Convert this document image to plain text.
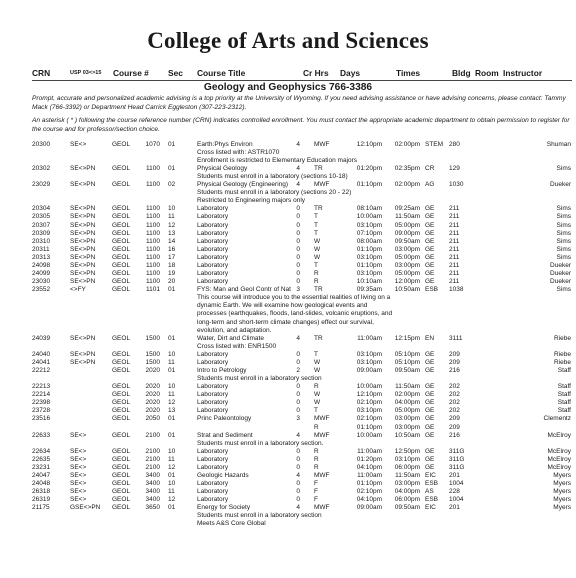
College of Arts and Sciences
CRN	USP 03<>15 Course # Sec Course Title	Cr Hrs Days	Times	Bldg Room Instructor
Geology and Geophysics 766-3386
Prompt, accurate and personalized academic advising is a top priority at the University of Wyoming. If you need advising assistance or have advising concerns, please contact: Tammy Mack (766-3392) or Department Head Carrick Eggleston (307-223-2312).
An asterisk ( * ) following the course reference number (CRN) indicates controlled enrollment. You must contact the appropriate academic department to obtain permission to register for the course and for professor/section choice.
20300	SE<>	GEOL	1070 01	Earth:Phys Environ	4 MWF	12:10pm	02:00pm STEM 280	Shuman
Cross listed with: ASTR1070
Enrollment is restricted to Elementary Education majors
20302	SE<>PN	GEOL	1100 01	Physical Geology	4 TR	01:20pm	02:35pm CR 129	Sims
Students must enroll in a laboratory (sections 10-18)
23029	SE<>PN	GEOL	1100 02	Physical Geology (Engineering)	4 MWF	01:10pm	02:00pm AG 1030	Dueker
Students must enroll in a laboratory (sections 20 - 22)
Restricted to Engineering majors only
20304	SE<>PN	GEOL	1100 10	Laboratory	0 TR	08:10am	09:25am GE 211	Sims
20305	SE<>PN	GEOL	1100 11	Laboratory	0 T	10:00am	11:50am GE 211	Sims
20307	SE<>PN	GEOL	1100 12	Laboratory	0 T	03:10pm	05:00pm GE 211	Sims
20309	SE<>PN	GEOL	1100 13	Laboratory	0 T	07:10pm	09:00pm GE 211	Sims
20310	SE<>PN	GEOL	1100 14	Laboratory	0 W	08:00am	09:50am GE 211	Sims
20311	SE<>PN	GEOL	1100 16	Laboratory	0 W	01:10pm	03:00pm GE 211	Sims
20313	SE<>PN	GEOL	1100 17	Laboratory	0 W	03:10pm	05:00pm GE 211	Sims
24098	SE<>PN	GEOL	1100 18	Laboratory	0 T	01:10pm	03:00pm GE 211	Dueker
24099	SE<>PN	GEOL	1100 19	Laboratory	0 R	03:10pm	05:00pm GE 211	Dueker
23030	SE<>PN	GEOL	1100 20	Laboratory	0 R	10:10am	12:00pm GE 211	Dueker
23552	<>FY	GEOL	1101 01	FYS: Man and Geol Contr of Nat 3 TR	09:35am	10:50am ESB 1038	Sims
This course will introduce you to the essential realities of living on a dynamic Earth. We will examine how geological events and processes (earthquakes, floods, land-slides, volcanic eruptions, and long-term and short-term climate changes) effect our survival, evolution, and adaptation.
24039	SE<>PN	GEOL	1500 01	Water, Dirt and Climate	4 TR	11:00am	12:15pm EN 3111	Riebe
Cross listed with: ENR1500
24040	SE<>PN	GEOL	1500 10	Laboratory	0 T	03:10pm	05:10pm GE 209	Riebe
24041	SE<>PN	GEOL	1500 11	Laboratory	0 W	03:10pm	05:10pm GE 209	Riebe
22212	GEOL	2020 01	Intro to Petrology	2 W	09:00am	09:50am GE 216	Staff
Students must enroll in a laboratory section
22213	GEOL	2020 10	Laboratory	0 R	10:00am	11:50am GE 202	Staff
22214	GEOL	2020 11	Laboratory	0 W	12:10pm	02:00pm GE 202	Staff
22398	GEOL	2020 12	Laboratory	0 W	02:10pm	04:00pm GE 202	Staff
23728	GEOL	2020 13	Laboratory	0 T	03:10pm	05:00pm GE 202	Staff
23516	GEOL	2050 01	Princ Paleontology	3 MWF	02:10pm	03:00pm GE 209	Clementz
R	01:10pm	03:00pm GE 209
22633	SE<>	GEOL	2100 01	Strat and Sediment	4 MWF	10:00am	10:50am GE 216	McElroy
Students must enroll in a laboratory section.
22634	SE<>	GEOL	2100 10	Laboratory	0 R	11:00am	12:50pm GE 311G	McElroy
22635	SE<>	GEOL	2100 11	Laboratory	0 R	01:20pm	03:10pm GE 311G	McElroy
23231	SE<>	GEOL	2100 12	Laboratory	0 R	04:10pm	06:00pm GE 311G	McElroy
24047	SE<>	GEOL	3400 01	Geologic Hazards	4 MWF	11:00am	11:50am EIC 201	Myers
24048	SE<>	GEOL	3400 10	Laboratory	0 F	01:10pm	03:00pm ESB 1004	Myers
26318	SE<>	GEOL	3400 11	Laboratory	0 F	02:10pm	04:00pm AS 228	Myers
26319	SE<>	GEOL	3400 12	Laboratory	0 F	04:10pm	06:00pm ESB 1004	Myers
21175	GSE<>PN GEOL	3650 01	Energy for Society	4 MWF	09:00am	09:50am EIC 201	Myers
Students must enroll in a laboratory section
Meets A&S Core Global
